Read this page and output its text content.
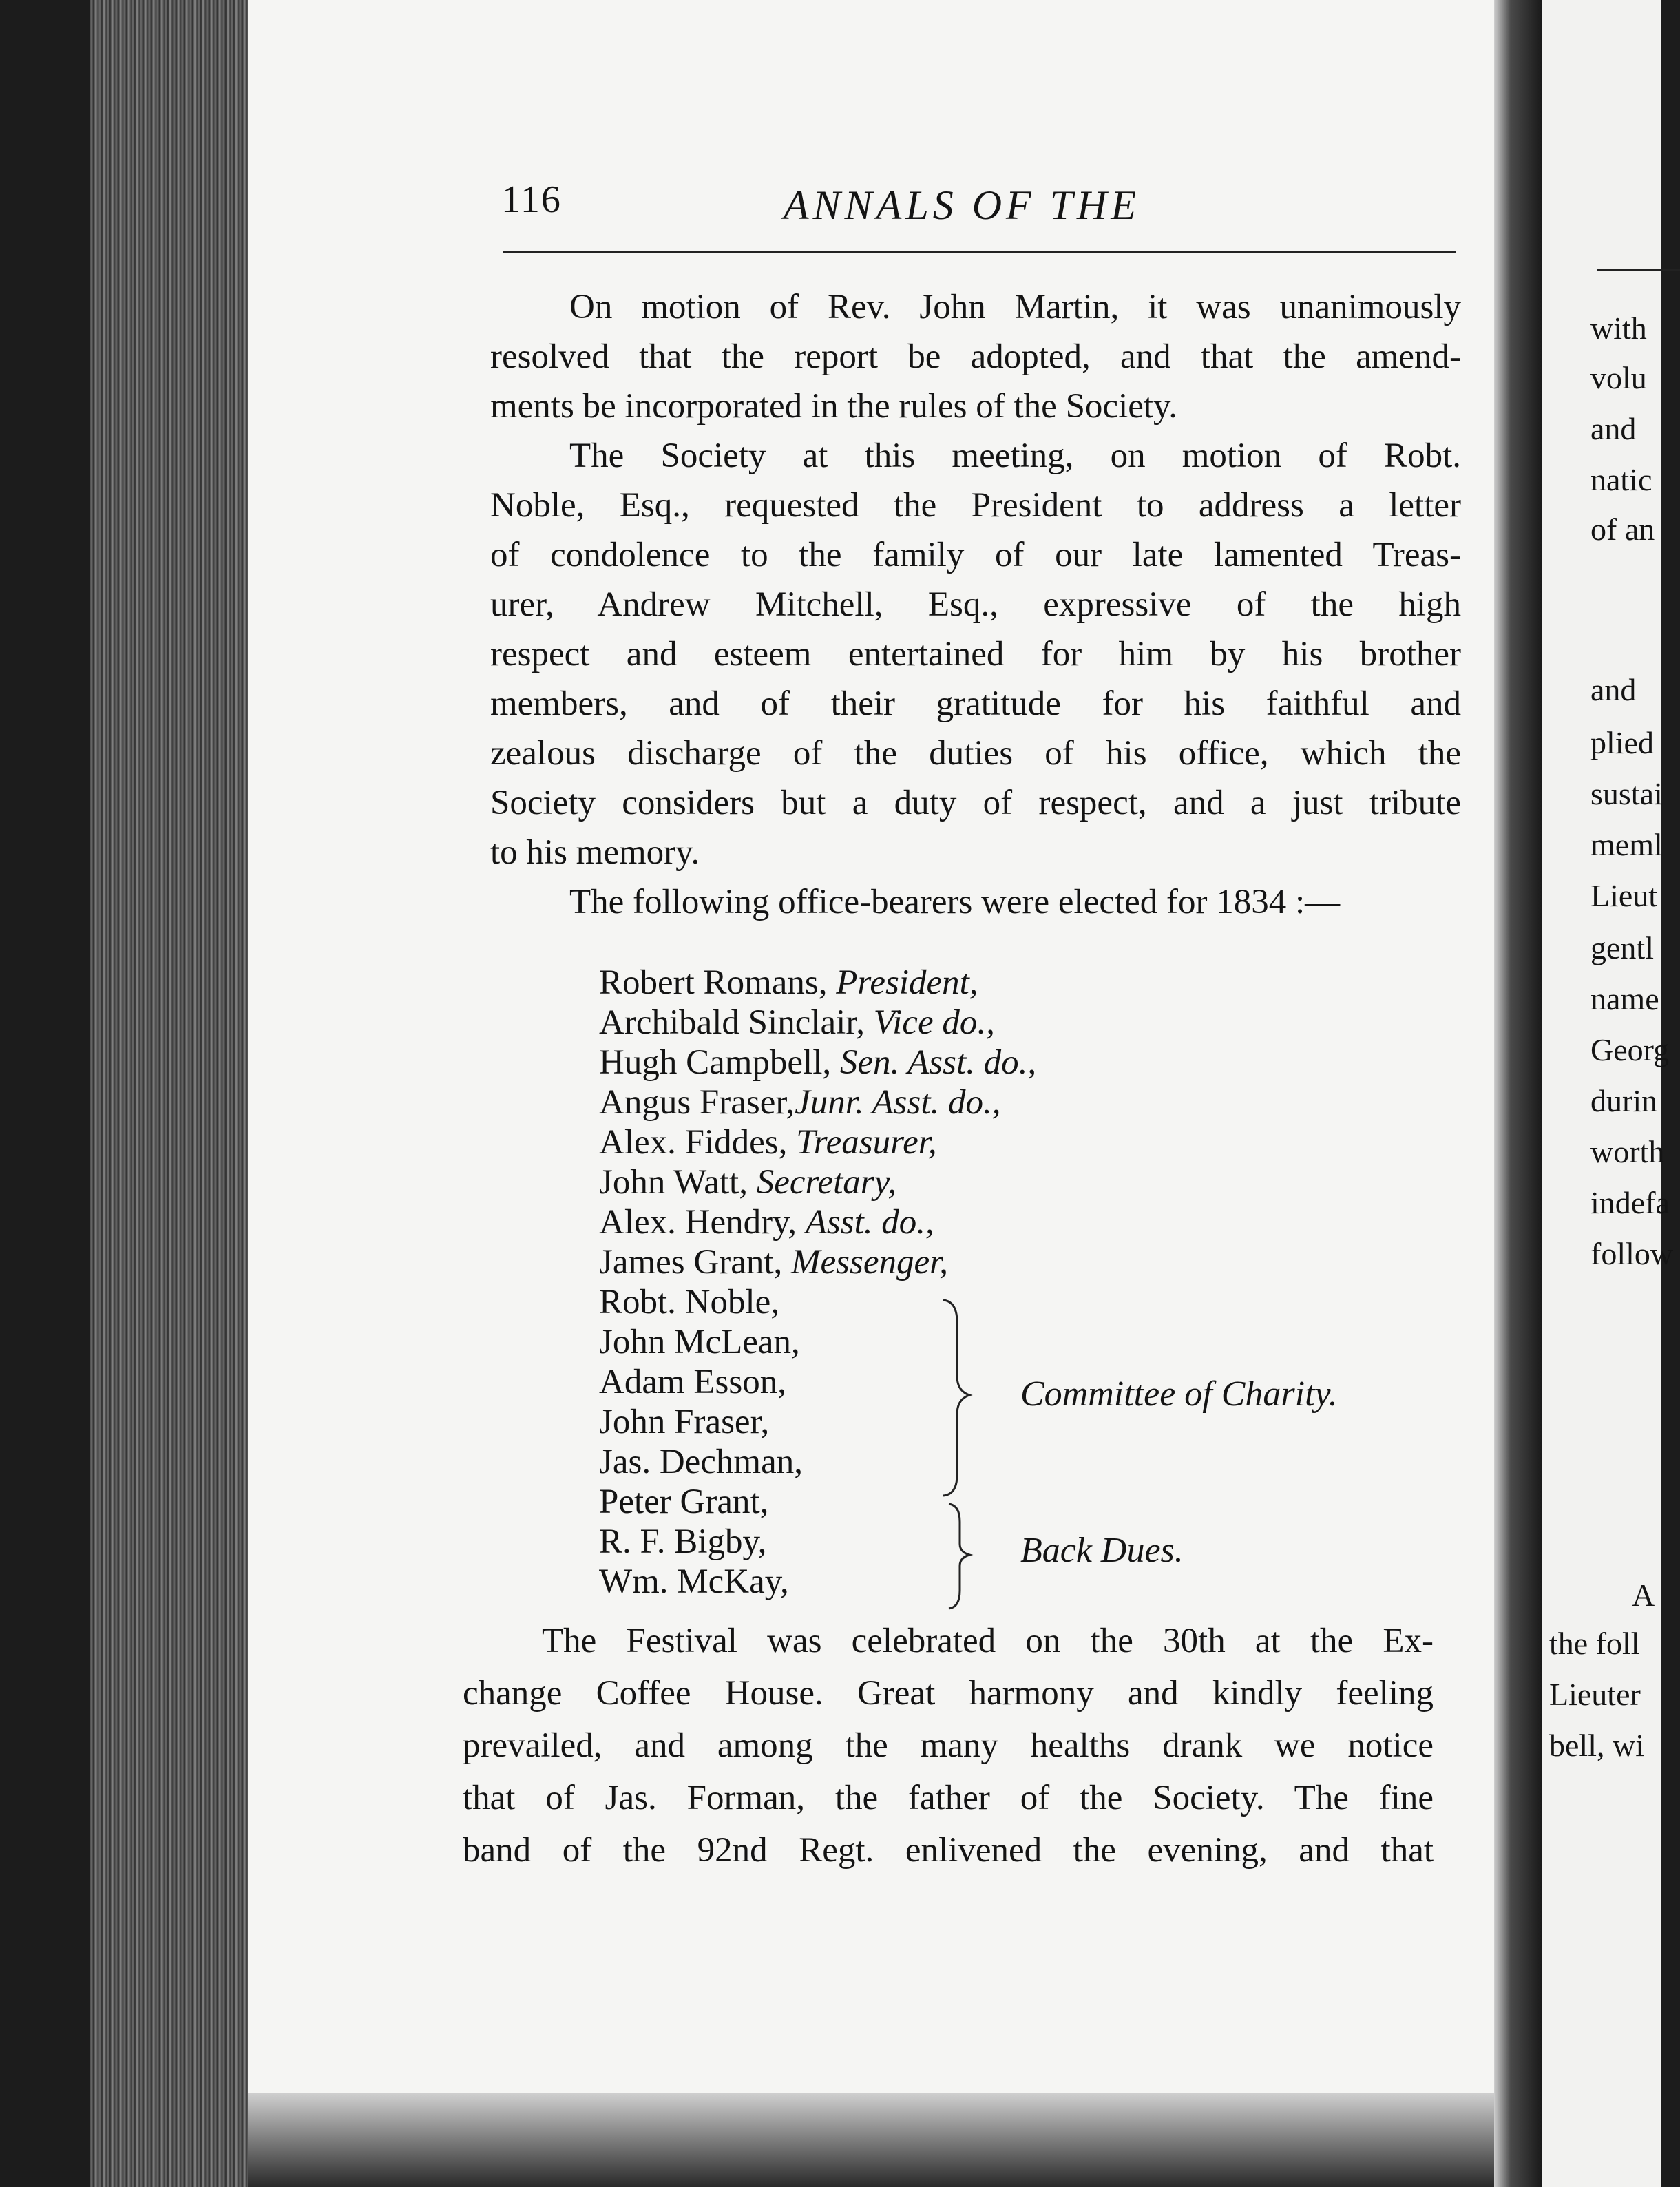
with
volu
and
natic
of an
and
plied
sustai
meml
Lieut
gentl
name
Georg
durin
worth
indefa
follow
A
the foll
Lieuter
bell, wi
116	ANNALS OF THE

On motion of Rev. John Martin, it was unanimously
resolved that the report be adopted, and that the amend-
ments be incorporated in the rules of the Society.

The Society at this meeting, on motion of Robt.
Noble, Esq., requested the President to address a letter
of condolence to the family of our late lamented Treas-
urer, Andrew Mitchell, Esq., expressive of the high
respect and esteem entertained for him by his brother
members, and of their gratitude for his faithful and
zealous discharge of the duties of his office, which the
Society considers but a duty of respect, and a just tribute
to his memory.

The following office-bearers were elected for 1834 :—

Robert Romans, President,
Archibald Sinclair, Vice do.,
Hugh Campbell, Sen. Asst. do.,
Angus Fraser,Junr. Asst. do.,
Alex. Fiddes, Treasurer,
John Watt, Secretary,
Alex. Hendry, Asst. do.,
James Grant, Messenger,
Robt. Noble,
John McLean,
Adam Esson,
John Fraser,
Jas. Dechman,
Peter Grant,
R. F. Bigby,
Wm. McKay,
Committee of Charity.
Back Dues.
The Festival was celebrated on the 30th at the Ex-
change Coffee House. Great harmony and kindly feeling
prevailed, and among the many healths drank we notice
that of Jas. Forman, the father of the Society. The fine
band of the 92nd Regt. enlivened the evening, and that
